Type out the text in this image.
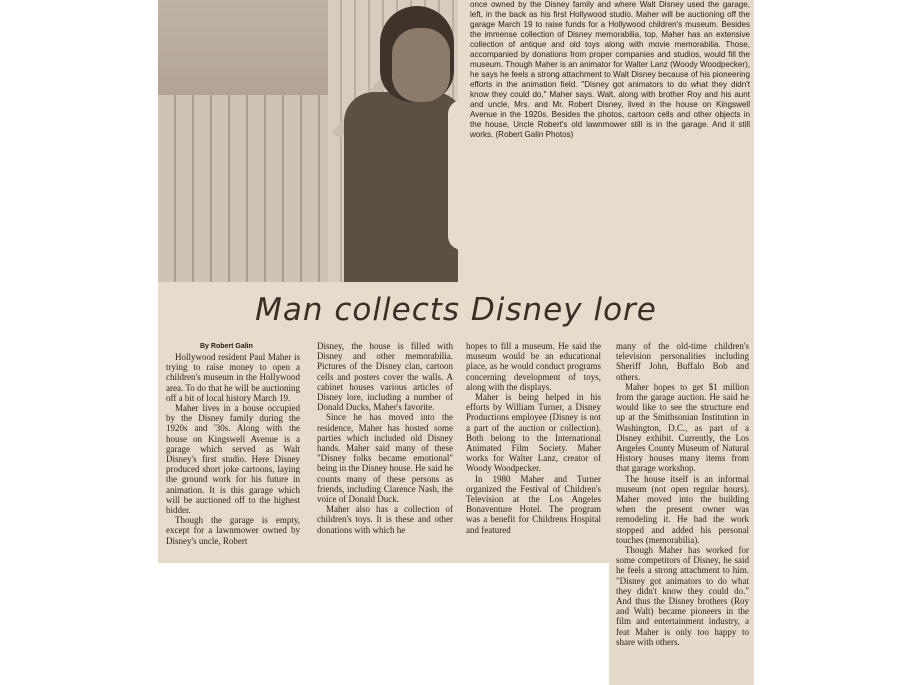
once owned by the Disney family and where Walt Disney used the garage, left, in the back as his first Hollywood studio. Maher will be auctioning off the garage March 19 to raise funds for a Hollywood children's museum. Besides the immense collection of Disney memorabilia, top, Maher has an extensive collection of antique and old toys along with movie memorabilia. Those, accompanied by donations from proper companies and studios, would fill the museum. Though Maher is an animator for Walter Lanz (Woody Woodpecker), he says he feels a strong attachment to Walt Disney because of his pioneering efforts in the animation field. "Disney got animators to do what they didn't know they could do," Maher says. Walt, along with brother Roy and his aunt and uncle, Mrs. and Mr. Robert Disney, lived in the house on Kingswell Avenue in the 1920s. Besides the photos, cartoon cells and other objects in the house, Uncle Robert's old lawnmower still is in the garage. And it still works. (Robert Galin Photos)

Man collects Disney lore

By Robert Galin

Hollywood resident Paul Maher is trying to raise money to open a children's museum in the Hollywood area. To do that he will be auctioning off a bit of local history March 19.
Maher lives in a house occupied by the Disney family during the 1920s and '30s. Along with the house on Kingswell Avenue is a garage which served as Walt Disney's first studio. Here Disney produced short joke cartoons, laying the ground work for his future in animation. It is this garage which will be auctioned off to the highest bidder.
Though the garage is empty, except for a lawnmower owned by Disney's uncle, Robert
Disney, the house is filled with Disney and other memorabilia. Pictures of the Disney clan, cartoon cells and posters cover the walls. A cabinet houses various articles of Disney lore, including a number of Donald Ducks, Maher's favorite.
Since he has moved into the residence, Maher has hosted some parties which included old Disney hands. Maher said many of these "Disney folks became emotional" being in the Disney house. He said he counts many of these persons as friends, including Clarence Nash, the voice of Donald Duck.
Maher also has a collection of children's toys. It is these and other donations with which he
hopes to fill a museum. He said the museum would be an educational place, as he would conduct programs concerning development of toys, along with the displays.
Maher is being helped in his efforts by William Turner, a Disney Productions employee (Disney is not a part of the auction or collection). Both belong to the International Animated Film Society. Maher works for Walter Lanz, creator of Woody Woodpecker.
In 1980 Maher and Turner organized the Festival of Children's Television at the Los Angeles Bonaventure Hotel. The program was a benefit for Childrens Hospital and featured
many of the old-time children's television personalities including Sheriff John, Buffalo Bob and others.
Maher hopes to get $1 million from the garage auction. He said he would like to see the structure end up at the Smithsonian Institution in Washington, D.C., as part of a Disney exhibit. Currently, the Los Angeles County Museum of Natural History houses many items from that garage workshop.
The house itself is an informal museum (not open regular hours). Maher moved into the building when the present owner was remodeling it. He had the work stopped and added his personal touches (memorabilia).
Though Maher has worked for some competitors of Disney, he said he feels a strong attachment to him. "Disney got animators to do what they didn't know they could do." And thus the Disney brothers (Roy and Walt) became pioneers in the film and entertainment industry, a feat Maher is only too happy to share with others.
